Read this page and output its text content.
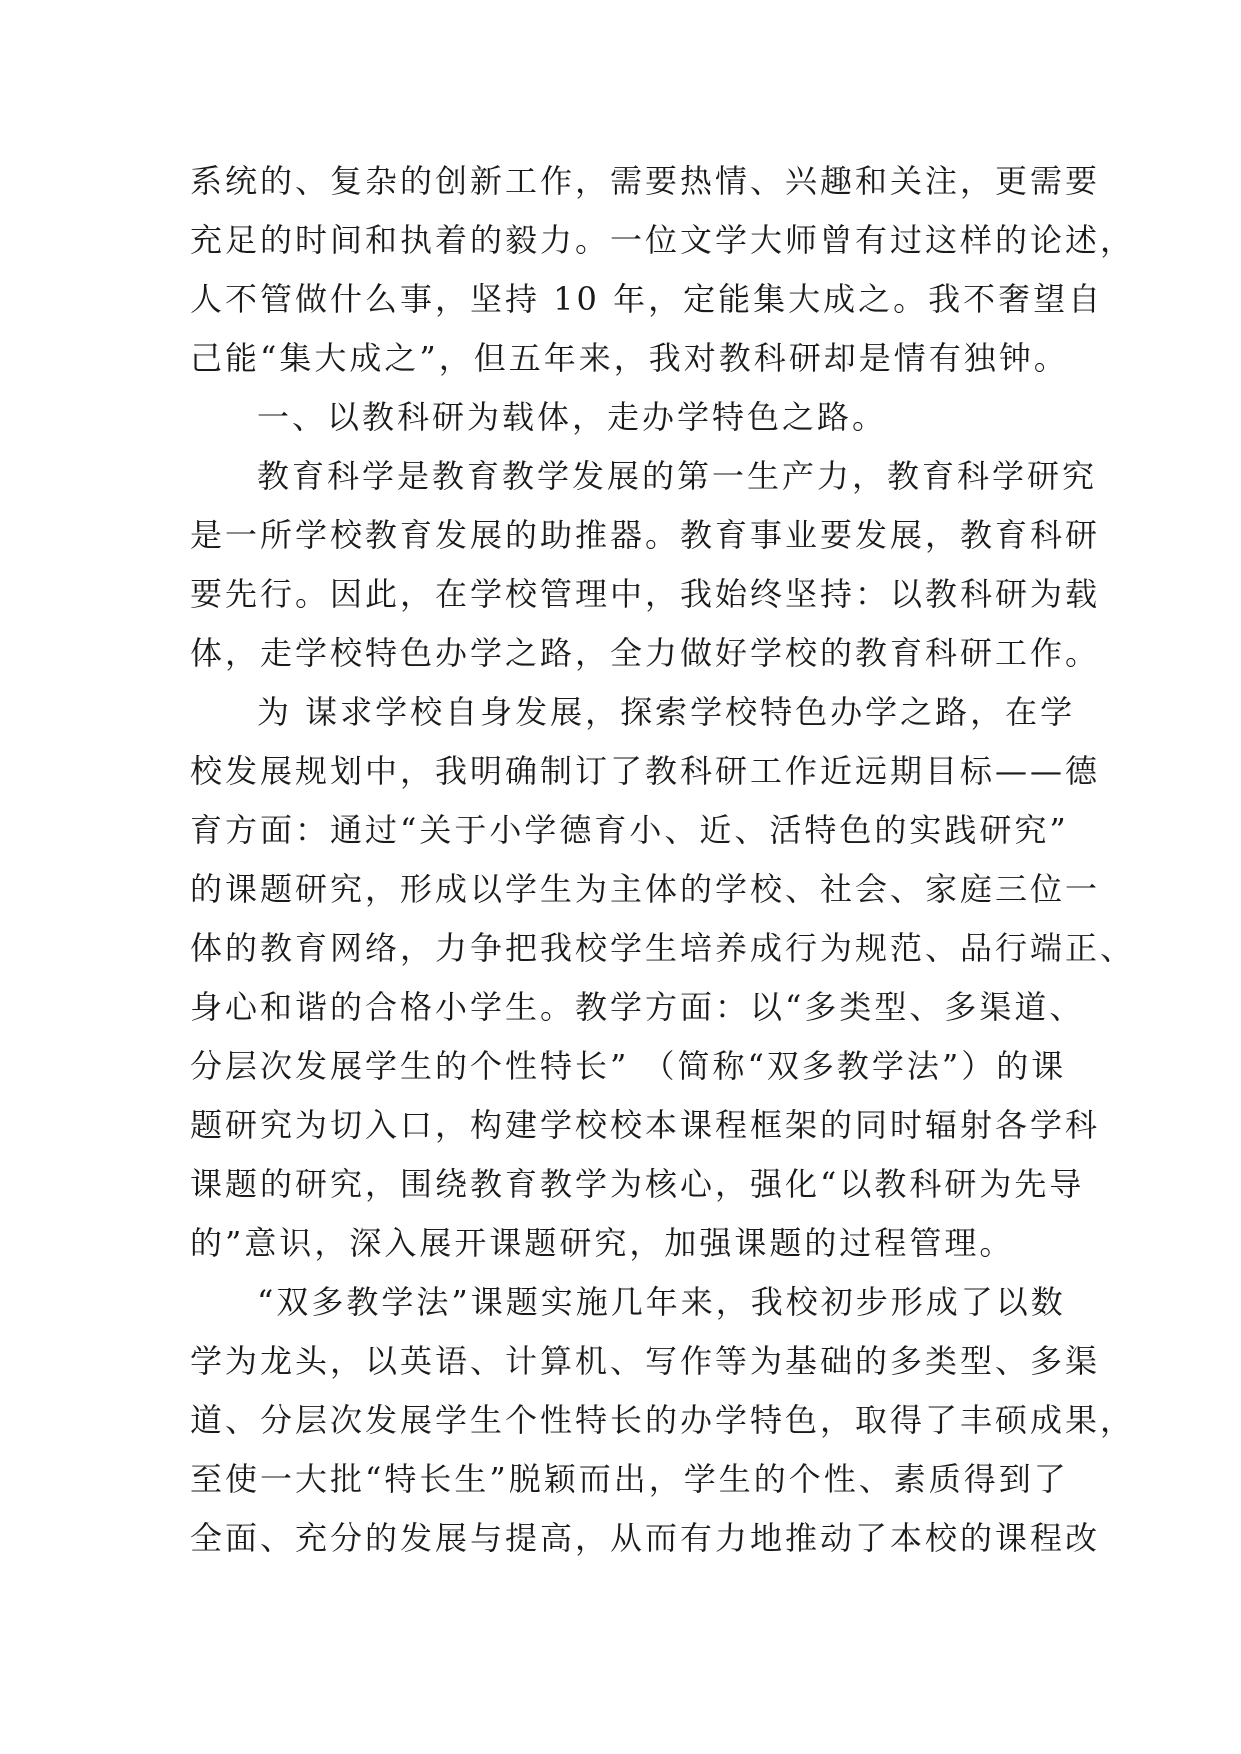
系统的、复杂的创新工作，需要热情、兴趣和关注，更需要
充足的时间和执着的毅力。一位文学大师曾有过这样的论述，
人不管做什么事，坚持 10 年，定能集大成之。我不奢望自
己能“集大成之”，但五年来，我对教科研却是情有独钟。
一、以教科研为载体，走办学特色之路。
教育科学是教育教学发展的第一生产力，教育科学研究
是一所学校教育发展的助推器。教育事业要发展，教育科研
要先行。因此，在学校管理中，我始终坚持：以教科研为载
体，走学校特色办学之路，全力做好学校的教育科研工作。
为 谋求学校自身发展，探索学校特色办学之路，在学
校发展规划中，我明确制订了教科研工作近远期目标——德
育方面：通过“关于小学德育小、近、活特色的实践研究”
的课题研究，形成以学生为主体的学校、社会、家庭三位一
体的教育网络，力争把我校学生培养成行为规范、品行端正、
身心和谐的合格小学生。教学方面：以“多类型、多渠道、
分层次发展学生的个性特长” （简称“双多教学法”）的课
题研究为切入口，构建学校校本课程框架的同时辐射各学科
课题的研究，围绕教育教学为核心，强化“以教科研为先导
的”意识，深入展开课题研究，加强课题的过程管理。
“双多教学法”课题实施几年来，我校初步形成了以数
学为龙头，以英语、计算机、写作等为基础的多类型、多渠
道、分层次发展学生个性特长的办学特色，取得了丰硕成果，
至使一大批“特长生”脱颖而出，学生的个性、素质得到了
全面、充分的发展与提高，从而有力地推动了本校的课程改
